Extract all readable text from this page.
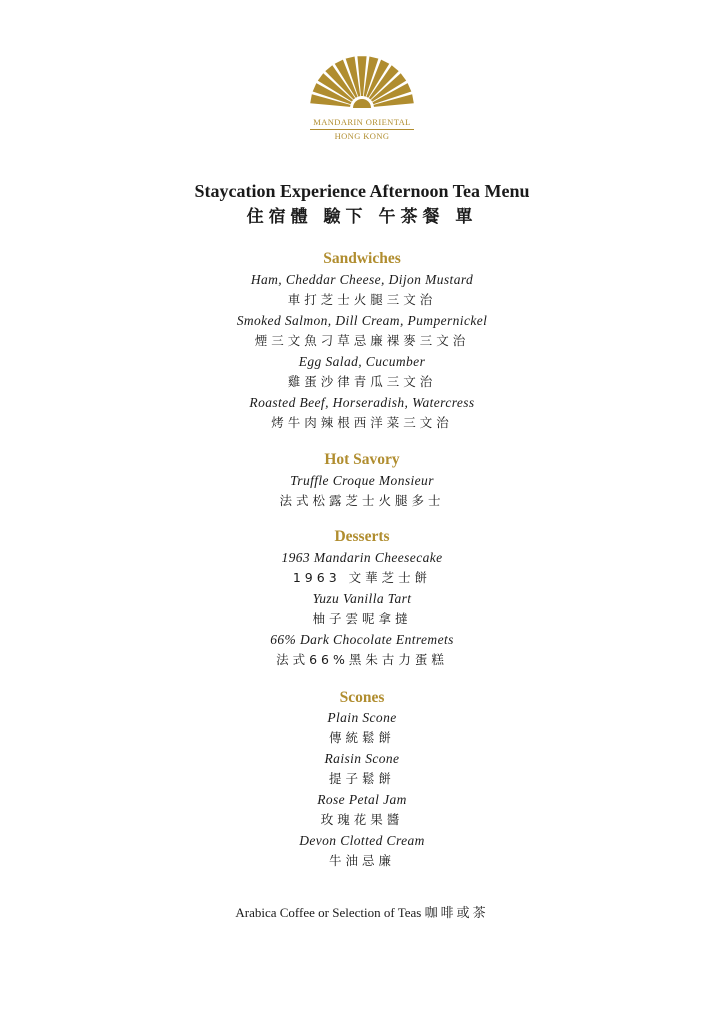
MANDARIN ORIENTAL
HONG KONG
Staycation Experience Afternoon Tea Menu
住宿體 驗下 午茶餐 單
Sandwiches
Ham, Cheddar Cheese, Dijon Mustard
車打芝士火腿三文治
Smoked Salmon, Dill Cream, Pumpernickel
煙三文魚刁草忌廉裸麥三文治
Egg Salad, Cucumber
雞蛋沙律青瓜三文治
Roasted Beef, Horseradish, Watercress
烤牛肉辣根西洋菜三文治
Hot Savory
Truffle Croque Monsieur
法式松露芝士火腿多士
Desserts
1963 Mandarin Cheesecake
1963 文華芝士餅
Yuzu Vanilla Tart
柚子雲呢拿撻
66% Dark Chocolate Entremets
法式66%黑朱古力蛋糕
Scones
Plain Scone
傳統鬆餅
Raisin Scone
提子鬆餅
Rose Petal Jam
玫瑰花果醬
Devon Clotted Cream
牛油忌廉
Arabica Coffee or Selection of Teas 咖啡或茶
